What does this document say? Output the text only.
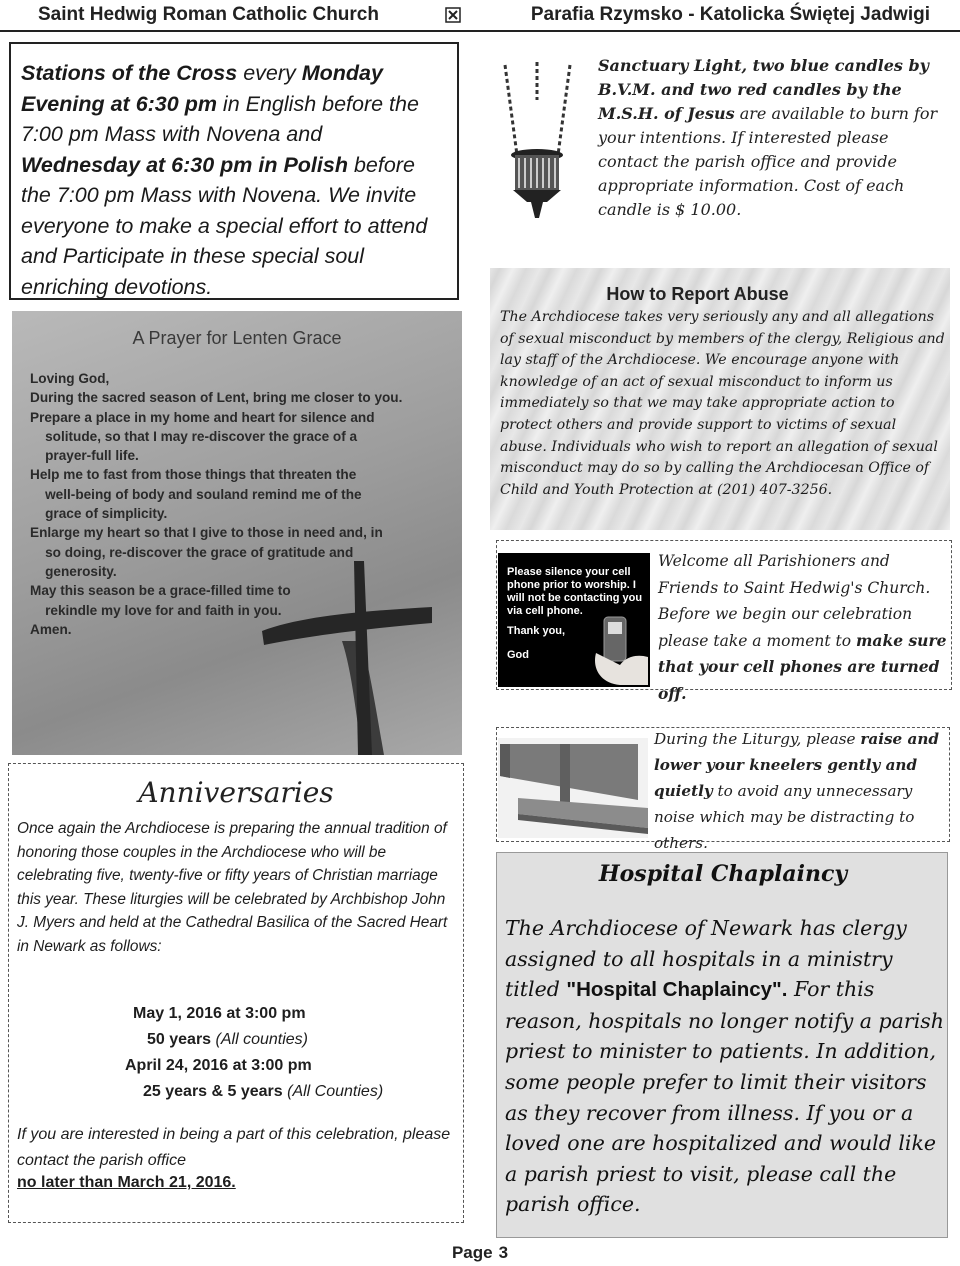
Saint Hedwig Roman Catholic Church	Parafia Rzymsko - Katolicka Świętej Jadwigi
Stations of the Cross every Monday Evening at 6:30 pm in English before the 7:00 pm Mass with Novena and Wednesday at 6:30 pm in Polish before the 7:00 pm Mass with Novena. We invite everyone to make a special effort to attend and Participate in these special soul enriching devotions.
A Prayer for Lenten Grace

Loving God,

During the sacred season of Lent, bring me closer to you.

Prepare a place in my home and heart for silence and

solitude, so that I may re-discover the grace of a

prayer-full life.

Help me to fast from those things that threaten the

well-being of body and souland remind me of the

grace of simplicity.

Enlarge my heart so that I give to those in need and, in

so doing, re-discover the grace of gratitude and

generosity.

May this season be a grace-filled time to

rekindle my love for and faith in you.

Amen.

Sanctuary Light, two blue candles by B.V.M. and two red candles by the M.S.H. of Jesus are available to burn for your intentions. If interested please contact the parish office and provide appropriate information. Cost of each candle is $ 10.00.
How to Report Abuse
The Archdiocese takes very seriously any and all allegations of sexual misconduct by members of the clergy, Religious and lay staff of the Archdiocese. We encourage anyone with knowledge of an act of sexual misconduct to inform us immediately so that we may take appropriate action to protect others and provide support to victims of sexual abuse. Individuals who wish to report an allegation of sexual misconduct may do so by calling the Archdiocesan Office of Child and Youth Protection at (201) 407-3256.
Please silence your cell phone prior to worship. I will not be contacting you via cell phone.
Thank you,
God
Welcome all Parishioners and Friends to Saint Hedwig's Church. Before we begin our celebration please take a moment to make sure that your cell phones are turned off.
During the Liturgy, please raise and lower your kneelers gently and quietly to avoid any unnecessary noise which may be distracting to others.
Hospital Chaplaincy
The Archdiocese of Newark has clergy assigned to all hospitals in a ministry titled "Hospital Chaplaincy". For this reason, hospitals no longer notify a parish priest to minister to patients. In addition, some people prefer to limit their visitors as they recover from illness. If you or a loved one are hospitalized and would like a parish priest to visit, please call the parish office.
Anniversaries
Once again the Archdiocese is preparing the annual tradition of honoring those couples in the Archdiocese who will be celebrating five, twenty-five or fifty years of Christian marriage this year. These liturgies will be celebrated by Archbishop John J. Myers and held at the Cathedral Basilica of the Sacred Heart in Newark as follows:
May 1, 2016 at 3:00 pm
50 years (All counties)
April 24, 2016 at 3:00 pm
25 years & 5 years (All Counties)
If you are interested in being a part of this celebration, please contact the parish office
no later than March 21, 2016.
Page 3
